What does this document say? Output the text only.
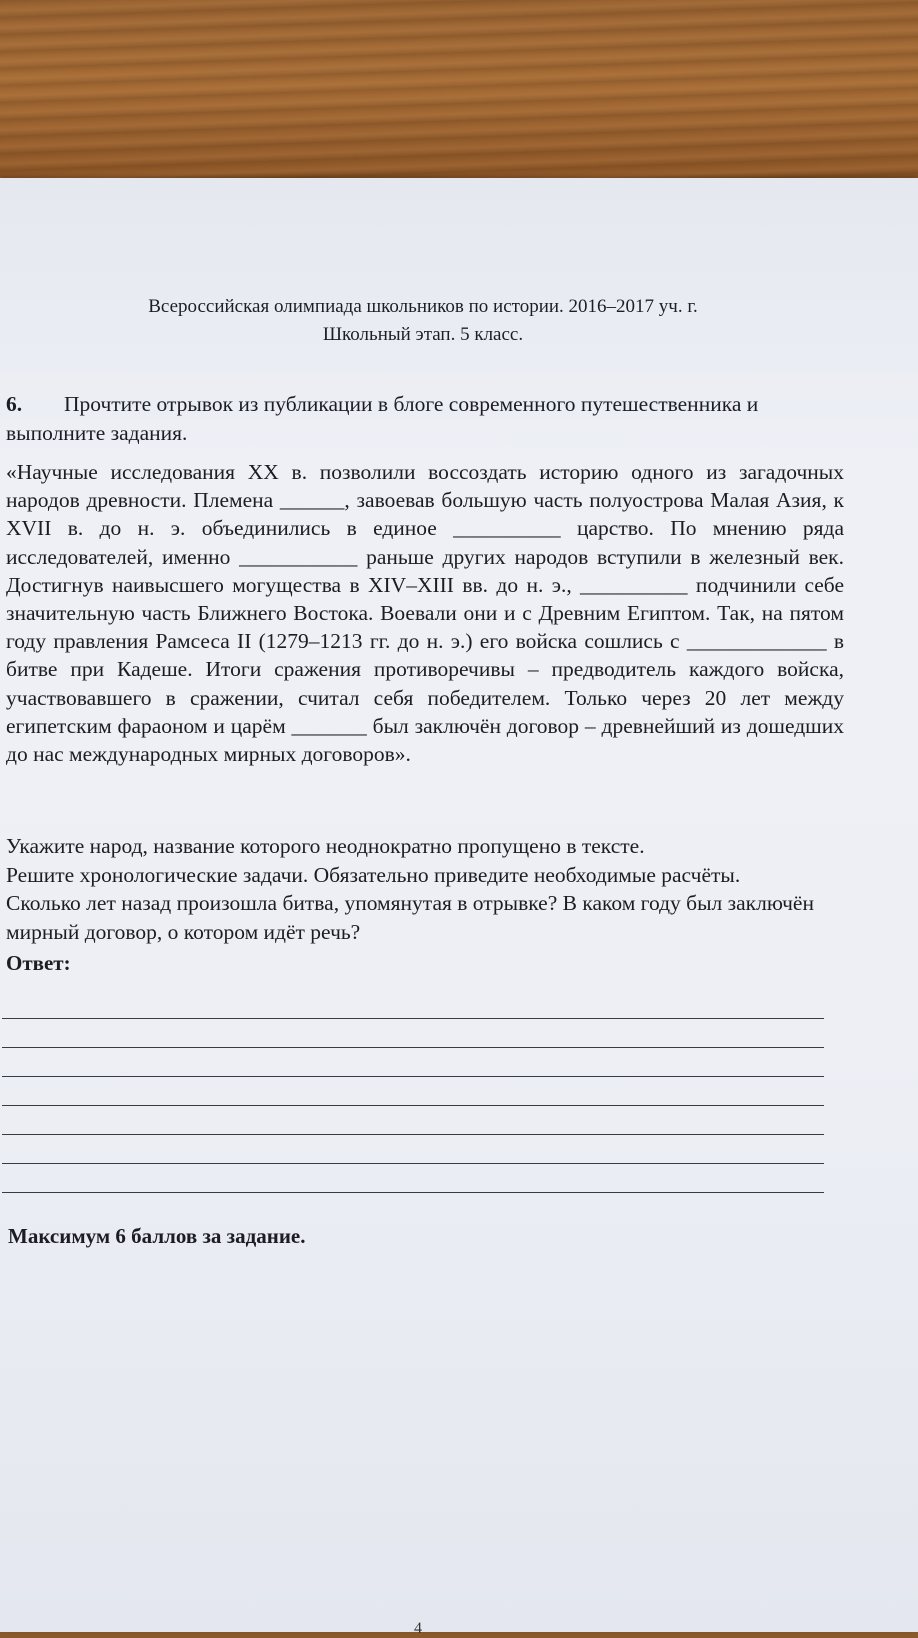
Всероссийская олимпиада школьников по истории. 2016–2017 уч. г.
Школьный этап. 5 класс.
6. Прочтите отрывок из публикации в блоге современного путешественника и выполните задания.

«Научные исследования XX в. позволили воссоздать историю одного из загадочных народов древности. Племена ______, завоевав большую часть полуострова Малая Азия, к XVII в. до н. э. объединились в единое __________ царство. По мнению ряда исследователей, именно ___________ раньше других народов вступили в железный век. Достигнув наивысшего могущества в XIV–XIII вв. до н. э., __________ подчинили себе значительную часть Ближнего Востока. Воевали они и с Древним Египтом. Так, на пятом году правления Рамсеса II (1279–1213 гг. до н. э.) его войска сошлись с _____________ в битве при Кадеше. Итоги сражения противоречивы – предводитель каждого войска, участвовавшего в сражении, считал себя победителем. Только через 20 лет между египетским фараоном и царём _______ был заключён договор – древнейший из дошедших до нас международных мирных договоров».

Укажите народ, название которого неоднократно пропущено в тексте.

Решите хронологические задачи. Обязательно приведите необходимые расчёты.

Сколько лет назад произошла битва, упомянутая в отрывке? В каком году был заключён мирный договор, о котором идёт речь?

Ответ:
Максимум 6 баллов за задание.
4
